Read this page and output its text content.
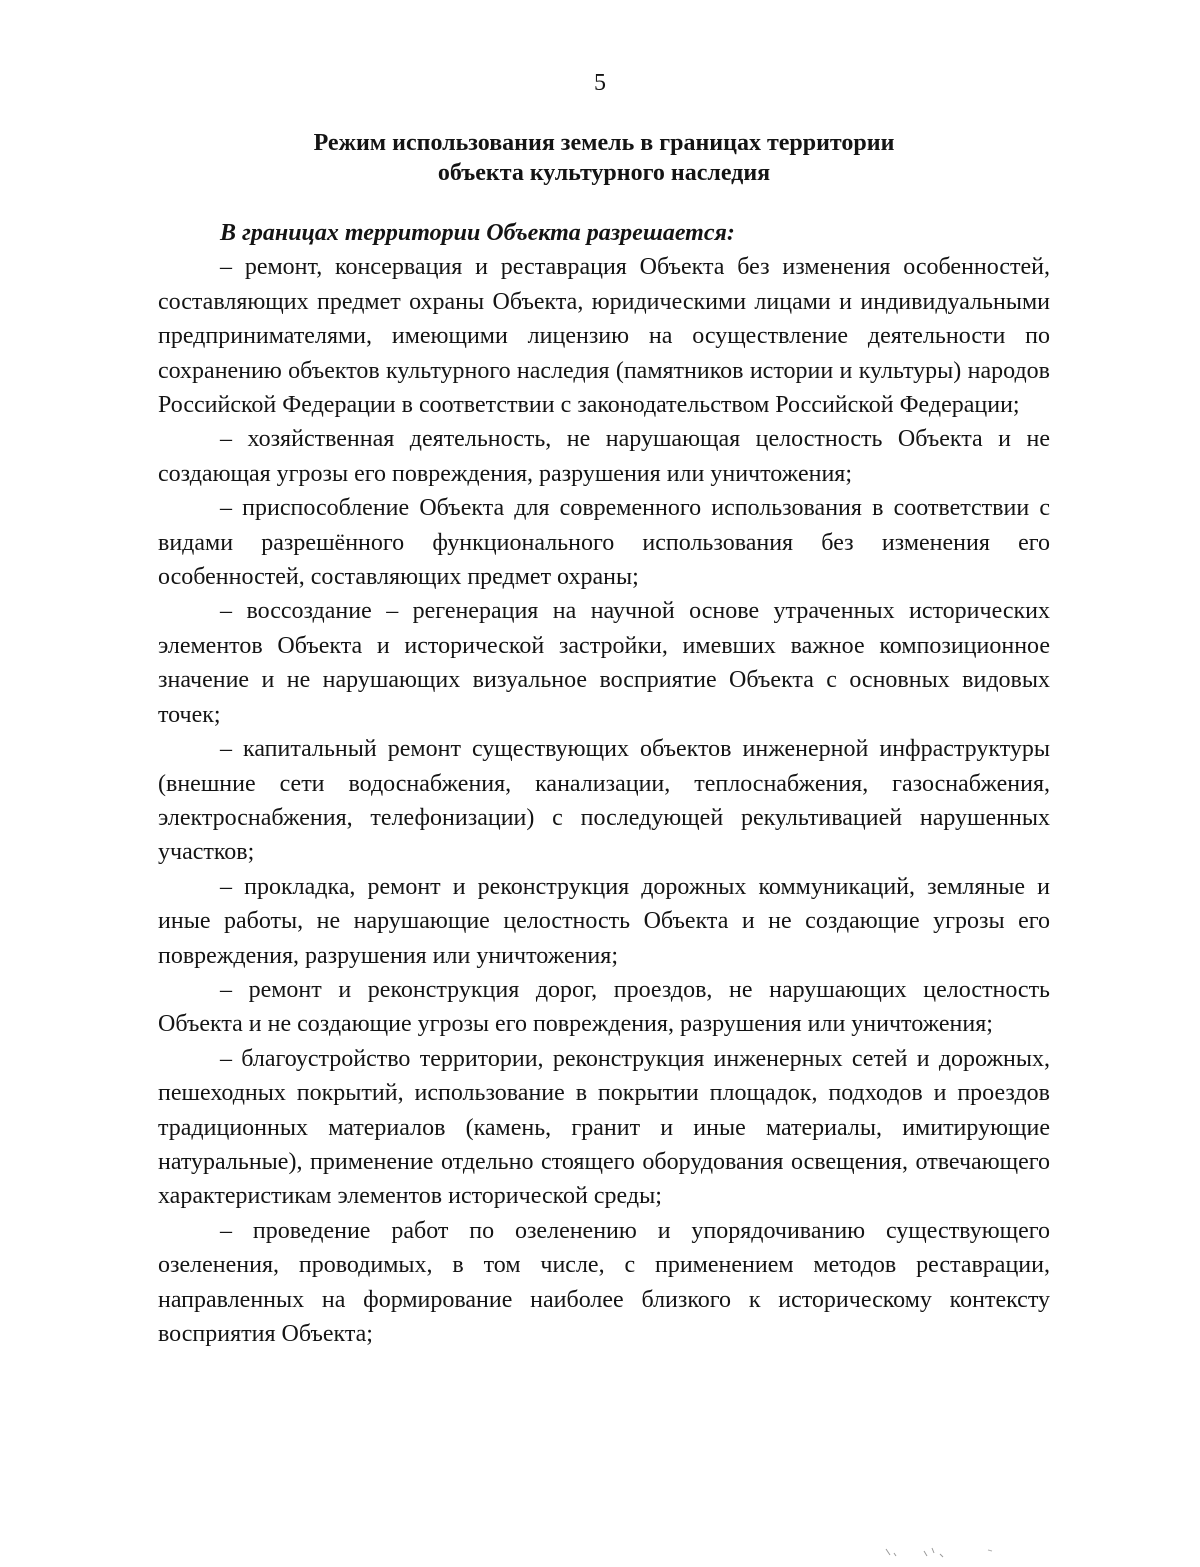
5
Режим использования земель в границах территории
объекта культурного наследия

В границах территории Объекта разрешается:

– ремонт, консервация и реставрация Объекта без изменения особенностей, составляющих предмет охраны Объекта, юридическими лицами и индивидуальными предпринимателями, имеющими лицензию на осуществление деятельности по сохранению объектов культурного наследия (памятников истории и культуры) народов Российской Федерации в соответствии с законодательством Российской Федерации;

– хозяйственная деятельность, не нарушающая целостность Объекта и не создающая угрозы его повреждения, разрушения или уничтожения;

– приспособление Объекта для современного использования в соответствии с видами разрешённого функционального использования без изменения его особенностей, составляющих предмет охраны;

– воссоздание – регенерация на научной основе утраченных исторических элементов Объекта и исторической застройки, имевших важное композиционное значение и не нарушающих визуальное восприятие Объекта с основных видовых точек;

– капитальный ремонт существующих объектов инженерной инфраструктуры (внешние сети водоснабжения, канализации, теплоснабжения, газоснабжения, электроснабжения, телефонизации) с последующей рекультивацией нарушенных участков;

– прокладка, ремонт и реконструкция дорожных коммуникаций, земляные и иные работы, не нарушающие целостность Объекта и не создающие угрозы его повреждения, разрушения или уничтожения;

– ремонт и реконструкция дорог, проездов, не нарушающих целостность Объекта и не создающие угрозы его повреждения, разрушения или уничтожения;

– благоустройство территории, реконструкция инженерных сетей и дорожных, пешеходных покрытий, использование в покрытии площадок, подходов и проездов традиционных материалов (камень, гранит и иные материалы, имитирующие натуральные), применение отдельно стоящего оборудования освещения, отвечающего характеристикам элементов исторической среды;

– проведение работ по озеленению и упорядочиванию существующего озеленения, проводимых, в том числе, с применением методов реставрации, направленных на формирование наиболее близкого к историческому контексту восприятия Объекта;
